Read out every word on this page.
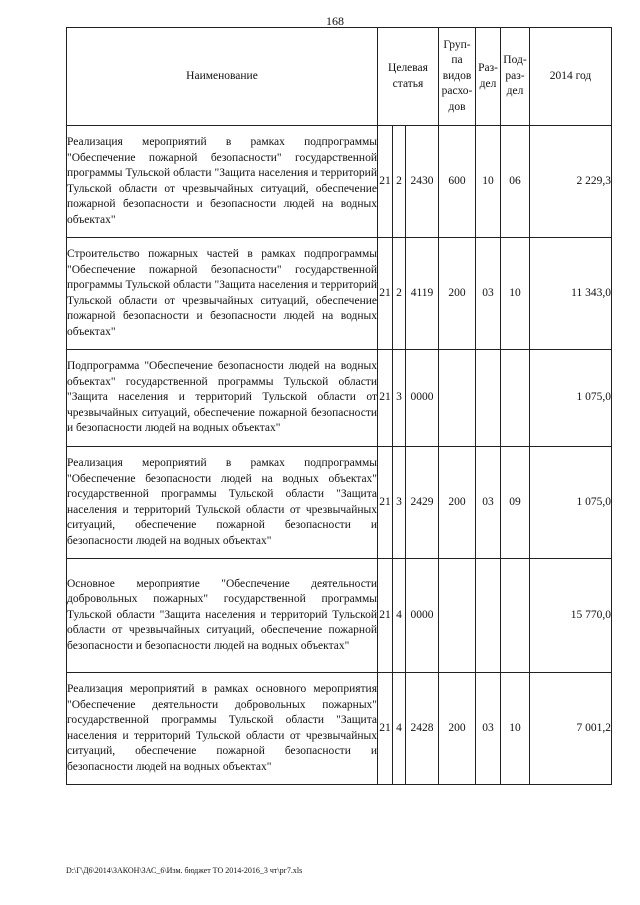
168
Наименование	Целевая статья			Груп-па видов расхо-дов	Раз-дел	Под-раз-дел	2014 год
Реализация мероприятий в рамках подпрограммы "Обеспечение пожарной безопасности" государственной программы Тульской области "Защита населения и территорий Тульской области от чрезвычайных ситуаций, обеспечение пожарной безопасности и безопасности людей на водных объектах"	21	2	2430	600	10	06	2 229,3
Строительство пожарных частей в рамках подпрограммы "Обеспечение пожарной безопасности" государственной программы Тульской области "Защита населения и территорий Тульской области от чрезвычайных ситуаций, обеспечение пожарной безопасности и безопасности людей на водных объектах"	21	2	4119	200	03	10	11 343,0
Подпрограмма "Обеспечение безопасности людей на водных объектах" государственной программы Тульской области "Защита населения и территорий Тульской области от чрезвычайных ситуаций, обеспечение пожарной безопасности и безопасности людей на водных объектах"	21	3	0000				1 075,0
Реализация мероприятий в рамках подпрограммы "Обеспечение безопасности людей на водных объектах" государственной программы Тульской области "Защита населения и территорий Тульской области от чрезвычайных ситуаций, обеспечение пожарной безопасности и безопасности людей на водных объектах"	21	3	2429	200	03	09	1 075,0
Основное мероприятие "Обеспечение деятельности добровольных пожарных" государственной программы Тульской области "Защита населения и территорий Тульской области от чрезвычайных ситуаций, обеспечение пожарной безопасности и безопасности людей на водных объектах"	21	4	0000				15 770,0
Реализация мероприятий в рамках основного мероприятия "Обеспечение деятельности добровольных пожарных" государственной программы Тульской области "Защита населения и территорий Тульской области от чрезвычайных ситуаций, обеспечение пожарной безопасности и безопасности людей на водных объектах"	21	4	2428	200	03	10	7 001,2
D:\Г\Д6\2014\ЗАКОН\ЗАС_6\Изм. бюджет ТО 2014-2016_3 чт\рг7.xls
